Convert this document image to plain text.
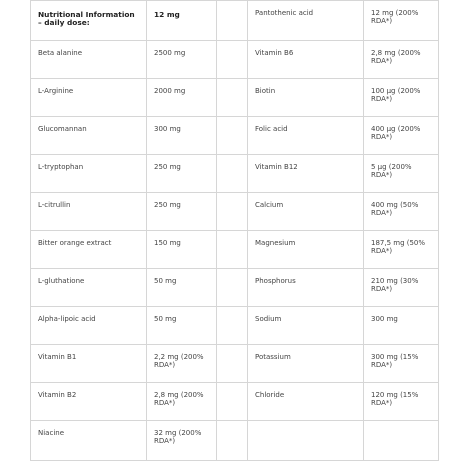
Nutritional Information – daily dose:	12 mg		Pantothenic acid	12 mg (200% RDA*)
Beta alanine	2500 mg		Vitamin B6	2,8 mg (200% RDA*)
L-Arginine	2000 mg		Biotin	100 µg (200% RDA*)
Glucomannan	300 mg		Folic acid	400 µg (200% RDA*)
L-tryptophan	250 mg		Vitamin B12	5 µg (200% RDA*)
L-citrullin	250 mg		Calcium	400 mg (50% RDA*)
Bitter orange extract	150 mg		Magnesium	187,5 mg (50% RDA*)
L-gluthatione	50 mg		Phosphorus	210 mg (30% RDA*)
Alpha-lipoic acid	50 mg		Sodium	300 mg
Vitamin B1	2,2 mg (200% RDA*)		Potassium	300 mg (15% RDA*)
Vitamin B2	2,8 mg (200% RDA*)		Chloride	120 mg (15% RDA*)
Niacine	32 mg (200% RDA*)			
